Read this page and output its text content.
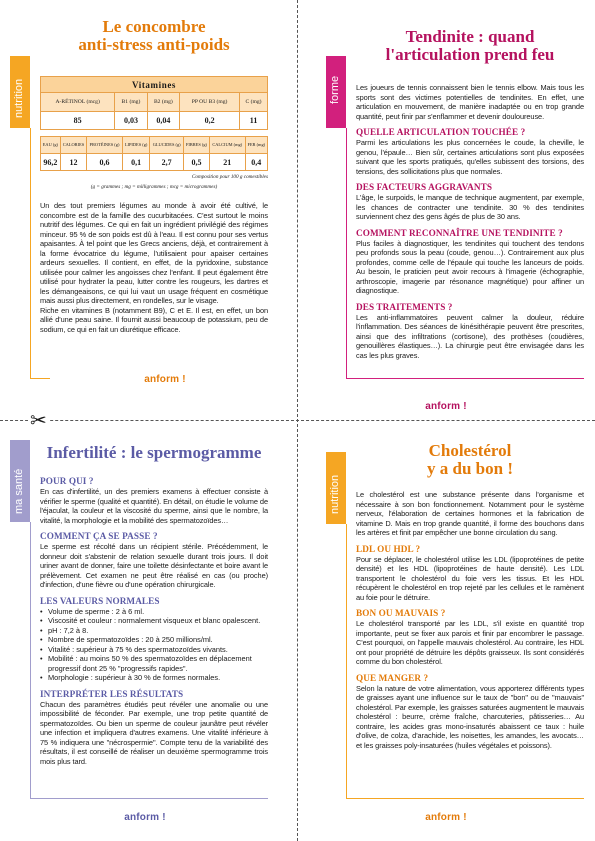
✂
nutrition
anform !
Le concombre
anti-stress anti-poids
Vitamines				
A-RÉTINOL (mcg)	B1 (mg)	B2 (mg)	PP OU B3 (mg)	C (mg)
85	0,03	0,04	0,2	11
EAU (g)	CALORIES	PROTÉINES (g)	LIPIDES (g)	GLUCIDES (g)	FIBRES (g)	CALCIUM (mg)	FER (mg)
96,2	12	0,6	0,1	2,7	0,5	21	0,4
Composition pour 100 g comestibles
(g = grammes ; mg = milligrammes ; mcg = microgrammes)

Un des tout premiers légumes au monde à avoir été cultivé, le concombre est de la famille des cucurbitacées. C'est surtout le moins nutritif des légumes. Ce qui en fait un ingrédient privilégié des régimes minceur. 95 % de son poids est dû à l'eau. Il est connu pour ses vertus apaisantes. À tel point que les Grecs anciens, déjà, et contrairement à la forme évocatrice du légume, l'utilisaient pour apaiser certaines ardeurs sexuelles. Il contient, en effet, de la pyridoxine, substance utilisée pour calmer les angoisses chez l'enfant. Il peut également être utilisé pour hydrater la peau, lutter contre les rougeurs, les dartres et les démangeaisons, ce qui lui vaut un usage fréquent en cosmétique mais aussi plus directement, en rondelles, sur le visage.

Riche en vitamines B (notamment B9), C et E. Il est, en effet, un bon allié d'une peau saine. Il fournit aussi beaucoup de potassium, peu de sodium, ce qui en fait un diurétique efficace.

forme
anform !
Tendinite : quand
l'articulation prend feu

Les joueurs de tennis connaissent bien le tennis elbow. Mais tous les sports sont des victimes potentielles de tendinites. En effet, une articulation en mouvement, de manière inadaptée ou en trop grande quantité, peut finir par s'enflammer et devenir douloureuse.

QUELLE ARTICULATION TOUCHÉE ?

Parmi les articulations les plus concernées le coude, la cheville, le genou, l'épaule… Bien sûr, certaines articulations sont plus exposées suivant que les sports pratiqués, qu'elles subissent des torsions, des tensions, des sollicitations plus que normales.

DES FACTEURS AGGRAVANTS

L'âge, le surpoids, le manque de technique augmentent, par exemple, les chances de contracter une tendinite. 30 % des tendinites surviennent chez des gens âgés de plus de 30 ans.

COMMENT RECONNAÎTRE UNE TENDINITE ?

Plus faciles à diagnostiquer, les tendinites qui touchent des tendons peu profonds sous la peau (coude, genou…). Contrairement aux plus profondes, comme celle de l'épaule qui touche les lanceurs de poids. Au besoin, le praticien peut avoir recours à l'imagerie (échographie, arthroscopie, imagerie par résonance magnétique) pour affiner un diagnostique.

DES TRAITEMENTS ?

Les anti-inflammatoires peuvent calmer la douleur, réduire l'inflammation. Des séances de kinésithérapie peuvent être prescrites, ainsi que des infiltrations (cortisone), des prothèses (coudières, genouillères élastiques…). La chirurgie peut être envisagée dans les cas les plus graves.

ma santé
anform !
Infertilité : le spermogramme
POUR QUI ?

En cas d'infertilité, un des premiers examens à effectuer consiste à vérifier le sperme (qualité et quantité). En détail, on étudie le volume de l'éjaculat, la couleur et la viscosité du sperme, ainsi que le nombre, la vitalité, la morphologie et la mobilité des spermatozoïdes…

COMMENT ÇA SE PASSE ?

Le sperme est récolté dans un récipient stérile. Précédemment, le donneur doit s'abstenir de relation sexuelle durant trois jours. Il doit uriner avant de donner, faire une toilette désinfectante et boire avant le prélèvement. Cet examen ne peut être réalisé en cas (ou proche) d'infection, d'une fièvre ou d'une opération chirurgicale.

LES VALEURS NORMALES
• Volume de sperme : 2 à 6 ml.
• Viscosité et couleur : normalement visqueux et blanc opalescent.
• pH : 7,2 à 8.
• Nombre de spermatozoïdes : 20 à 250 millions/ml.
• Vitalité : supérieur à 75 % des spermatozoïdes vivants.
• Mobilité : au moins 50 % des spermatozoïdes en déplacement progressif dont 25 % "progressifs rapides".
• Morphologie : supérieur à 30 % de formes normales.
INTERPRÉTER LES RÉSULTATS

Chacun des paramètres étudiés peut révéler une anomalie ou une impossibilité de féconder. Par exemple, une trop petite quantité de spermatozoïdes. Ou bien un sperme de couleur jaunâtre peut révéler une infection et impliquera d'autres examens. Une vitalité inférieure à 75 % indiquera une "nécrospermie". Compte tenu de la variabilité des résultats, il est conseillé de réaliser un deuxième spermogramme trois mois plus tard.

nutrition
anform !
Cholestérol
y a du bon !

Le cholestérol est une substance présente dans l'organisme et nécessaire à son bon fonctionnement. Notamment pour le système nerveux, l'élaboration de certaines hormones et la fabrication de vitamine D. Mais en trop grande quantité, il forme des bouchons dans les artères et finit par empêcher une bonne circulation du sang.

LDL OU HDL ?

Pour se déplacer, le cholestérol utilise les LDL (lipoprotéines de petite densité) et les HDL (lipoprotéines de haute densité). Les LDL transportent le cholestérol du foie vers les tissus. Et les HDL récupèrent le cholestérol en trop rejeté par les cellules et le ramènent au foie pour le détruire.

BON OU MAUVAIS ?

Le cholestérol transporté par les LDL, s'il existe en quantité trop importante, peut se fixer aux parois et finir par encombrer le passage. C'est pourquoi, on l'appelle mauvais cholestérol. Au contraire, les HDL ont pour propriété de détruire les dépôts graisseux. Ils sont considérés comme du bon cholestérol.

QUE MANGER ?

Selon la nature de votre alimentation, vous apporterez différents types de graisses ayant une influence sur le taux de "bon" ou de "mauvais" cholestérol. Par exemple, les graisses saturées augmentent le mauvais cholestérol : beurre, crème fraîche, charcuteries, pâtisseries… Au contraire, les acides gras mono-insaturés abaissent ce taux : huile d'olive, de colza, d'arachide, les noisettes, les amandes, les avocats… et les graisses poly-insaturées (huiles végétales et poissons).
